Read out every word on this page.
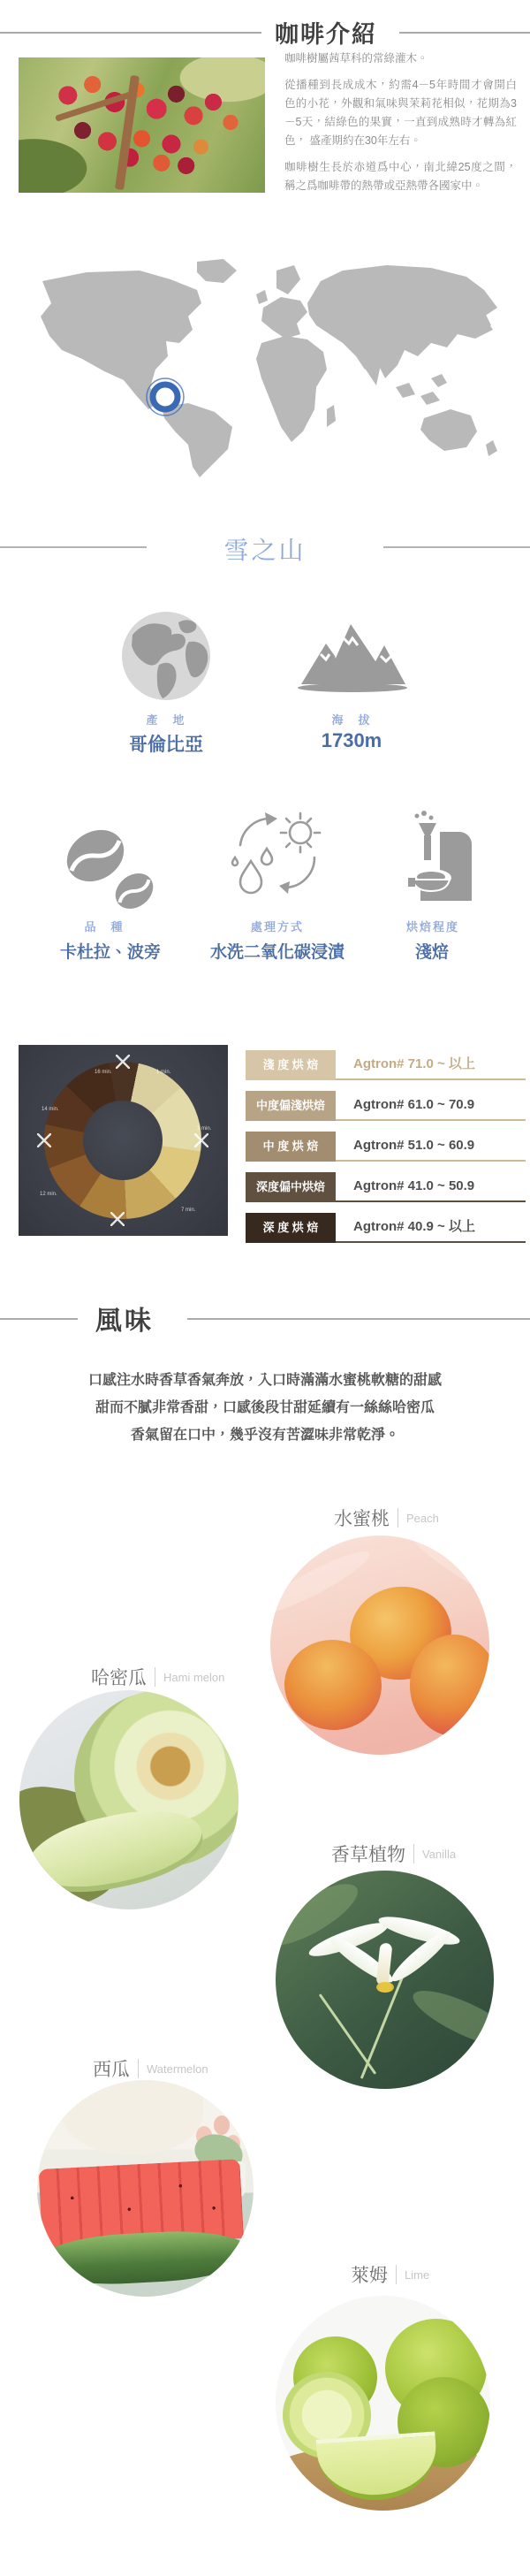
咖啡介紹

咖啡樹屬茜草科的常綠灌木。

從播種到長成成木，約需4－5年時間才會開白色的小花，外觀和氣味與茉莉花相似，花期為3－5天，結綠色的果實，一直到成熟時才轉為紅色， 盛產期約在30年左右。

咖啡樹生長於赤道爲中心，南北緯25度之間，稱之爲咖啡帶的熱帶或亞熱帶各國家中。

雪之山
產　地	海　拔
哥倫比亞	1730m
品　種	處理方式	烘焙程度
卡杜拉、波旁	水洗二氧化碳浸漬	淺焙
16 min.	1 min.
14 min.
3 min.
12 min.
7 min.
淺 度 烘 焙	Agtron# 71.0 ~ 以上
中度偏淺烘焙	Agtron# 61.0 ~ 70.9
中 度 烘 焙	Agtron# 51.0 ~ 60.9
深度偏中烘焙	Agtron# 41.0 ~ 50.9
深 度 烘 焙	Agtron# 40.9 ~ 以上
風味
口感注水時香草香氣奔放，入口時滿滿水蜜桃軟糖的甜感
甜而不膩非常香甜，口感後段甘甜延續有一絲絲哈密瓜
香氣留在口中，幾乎沒有苦澀味非常乾淨。
水蜜桃 Peach
哈密瓜 Hami melon
香草植物 Vanilla
西瓜 Watermelon
萊姆 Lime
